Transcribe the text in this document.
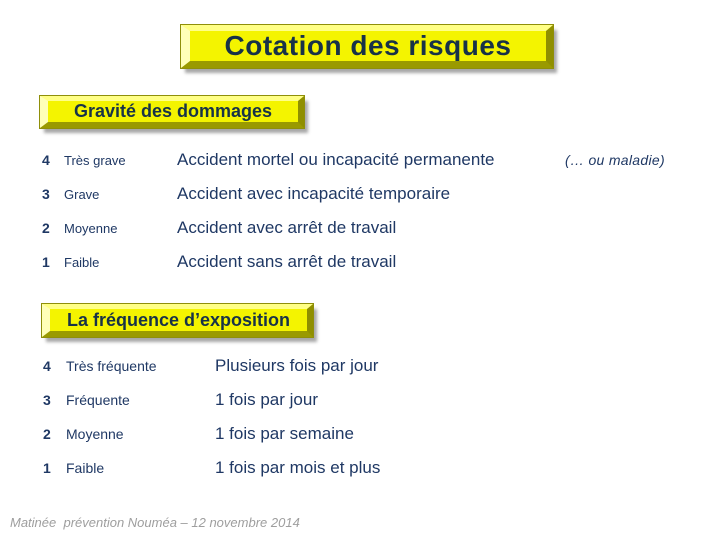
Cotation des risques
Gravité des dommages
4	Très grave	Accident mortel ou incapacité permanente	(… ou maladie)
3	Grave	Accident avec incapacité temporaire
2	Moyenne	Accident avec arrêt de travail
1	Faible	Accident sans arrêt de travail
La fréquence d’exposition
4	Très fréquente	Plusieurs fois par jour
3	Fréquente	1 fois par jour
2	Moyenne	1 fois par semaine
1	Faible	1 fois par mois et plus
Matinée  prévention Nouméa – 12 novembre 2014
